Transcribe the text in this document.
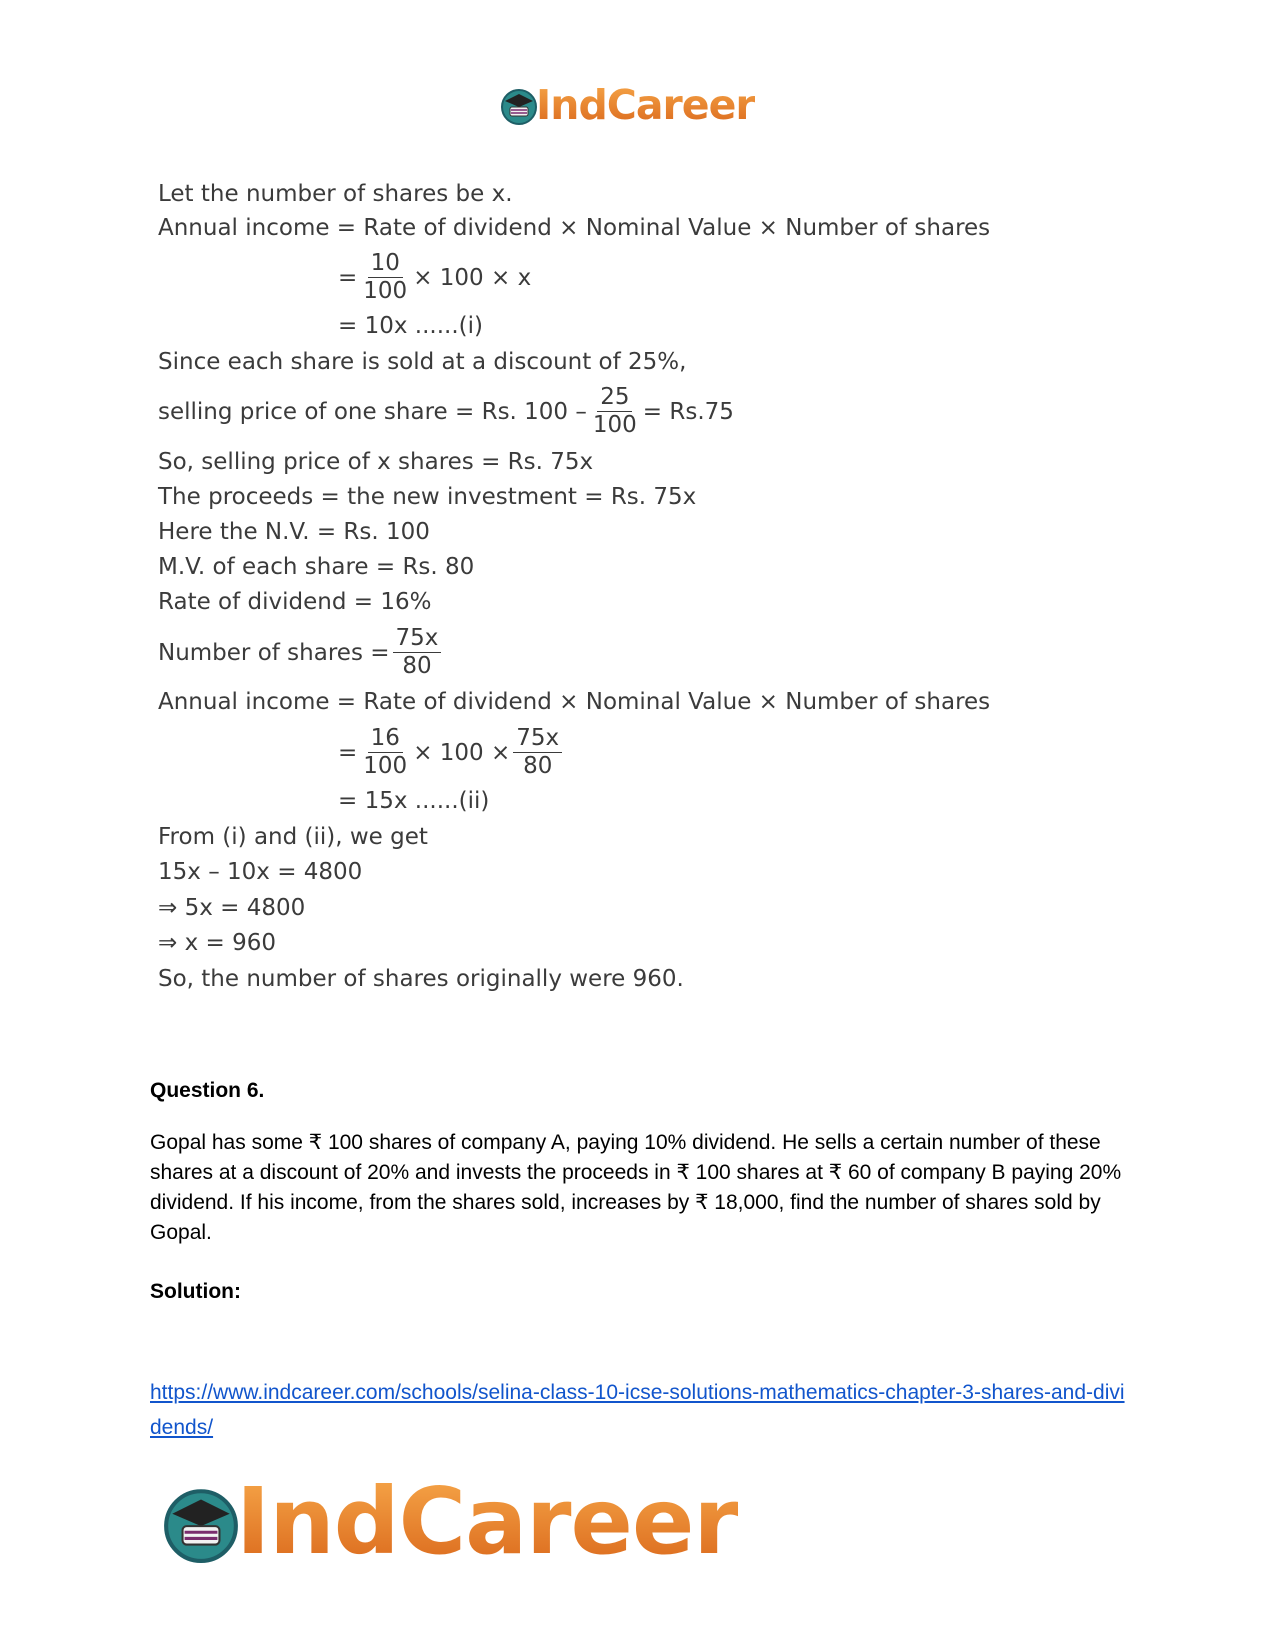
IndCareer
Let the number of shares be x.
Annual income = Rate of dividend × Nominal Value × Number of shares
= $\frac{10}{100} \times 100 \times x$
= 10x ......(i)
Since each share is sold at a discount of 25%,
selling price of one share = Rs. $100 - \frac{25}{100} = Rs.75$
So, selling price of x shares = Rs. 75x
The proceeds = the new investment = Rs. 75x
Here the N.V. = Rs. 100
M.V. of each share = Rs. 80
Rate of dividend = 16%
Number of shares = $\frac{75x}{80}$
Annual income = Rate of dividend × Nominal Value × Number of shares
= $\frac{16}{100} \times 100 \times \frac{75x}{80}$
= 15x ......(ii)
From (i) and (ii), we get
15x – 10x = 4800
⇒ 5x = 4800
⇒ x = 960
So, the number of shares originally were 960.
Question 6.
Gopal has some ₹ 100 shares of company A, paying 10% dividend. He sells a certain number of these shares at a discount of 20% and invests the proceeds in ₹ 100 shares at ₹ 60 of company B paying 20% dividend. If his income, from the shares sold, increases by ₹ 18,000, find the number of shares sold by Gopal.
Solution:
https://www.indcareer.com/schools/selina-class-10-icse-solutions-mathematics-chapter-3-shares-and-dividends/
IndCareer
